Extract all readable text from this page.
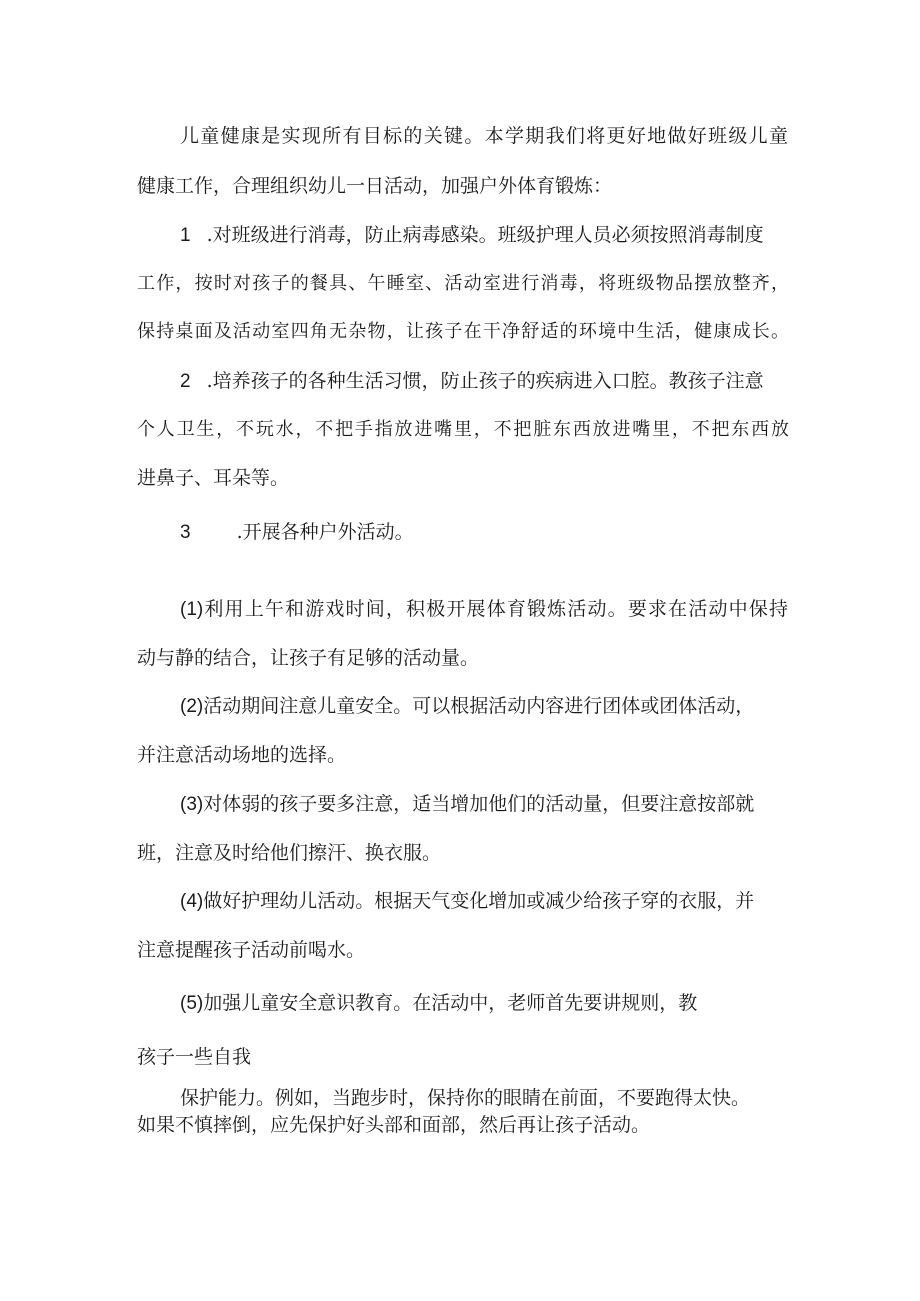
儿童健康是实现所有目标的关键。本学期我们将更好地做好班级儿童
健康工作，合理组织幼儿一日活动，加强户外体育锻炼：
1 .对班级进行消毒，防止病毒感染。班级护理人员必须按照消毒制度
工作，按时对孩子的餐具、午睡室、活动室进行消毒，将班级物品摆放整齐，
保持桌面及活动室四角无杂物，让孩子在干净舒适的环境中生活，健康成长。
2 .培养孩子的各种生活习惯，防止孩子的疾病进入口腔。教孩子注意
个人卫生，不玩水，不把手指放进嘴里，不把脏东西放进嘴里，不把东西放
进鼻子、耳朵等。
3 .开展各种户外活动。
(1)利用上午和游戏时间，积极开展体育锻炼活动。要求在活动中保持
动与静的结合，让孩子有足够的活动量。
(2)活动期间注意儿童安全。可以根据活动内容进行团体或团体活动，
并注意活动场地的选择。
(3)对体弱的孩子要多注意，适当增加他们的活动量，但要注意按部就
班，注意及时给他们擦汗、换衣服。
(4)做好护理幼儿活动。根据天气变化增加或减少给孩子穿的衣服，并
注意提醒孩子活动前喝水。
(5)加强儿童安全意识教育。在活动中，老师首先要讲规则，教
孩子一些自我
保护能力。例如，当跑步时，保持你的眼睛在前面，不要跑得太快。
如果不慎摔倒，应先保护好头部和面部，然后再让孩子活动。
